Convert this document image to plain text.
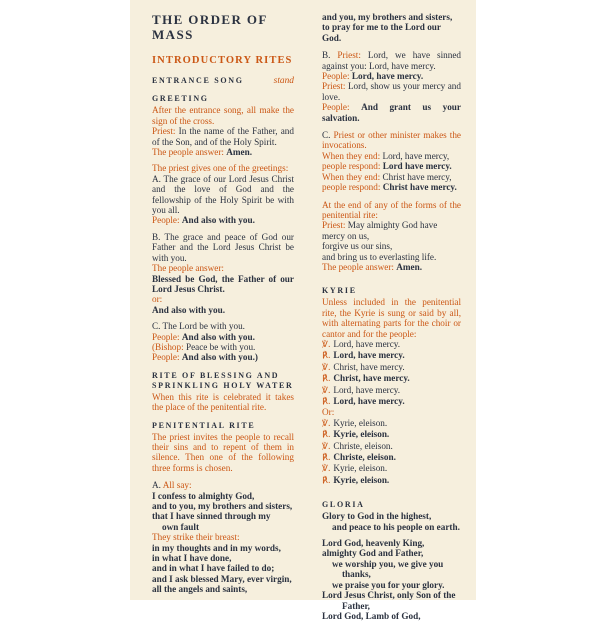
THE ORDER OF MASS
INTRODUCTORY RITES
ENTRANCE SONG	stand
GREETING
After the entrance song, all make the sign of the cross.
Priest: In the name of the Father, and of the Son, and of the Holy Spirit.
The people answer: Amen.
The priest gives one of the greetings:
A. The grace of our Lord Jesus Christ and the love of God and the fellowship of the Holy Spirit be with you all.
People: And also with you.
B. The grace and peace of God our Father and the Lord Jesus Christ be with you.
The people answer:
Blessed be God, the Father of our Lord Jesus Christ.
or:
And also with you.
C. The Lord be with you.
People: And also with you.
(Bishop: Peace be with you.
People: And also with you.)
RITE OF BLESSING AND SPRINKLING HOLY WATER
When this rite is celebrated it takes the place of the penitential rite.
PENITENTIAL RITE
The priest invites the people to recall their sins and to repent of them in silence. Then one of the following three forms is chosen.
A. All say:
I confess to almighty God,
and to you, my brothers and sisters,
that I have sinned through my
own fault
They strike their breast:
in my thoughts and in my words,
in what I have done,
and in what I have failed to do;
and I ask blessed Mary, ever virgin,
all the angels and saints,
and you, my brothers and sisters,
to pray for me to the Lord our God.
B. Priest: Lord, we have sinned against you: Lord, have mercy.
People: Lord, have mercy.
Priest: Lord, show us your mercy and love.
People: And grant us your salvation.
C. Priest or other minister makes the invocations.
When they end: Lord, have mercy,
people respond: Lord have mercy.
When they end: Christ have mercy,
people respond: Christ have mercy.
At the end of any of the forms of the penitential rite:
Priest: May almighty God have
mercy on us,
forgive us our sins,
and bring us to everlasting life.
The people answer: Amen.
KYRIE
Unless included in the penitential rite, the Kyrie is sung or said by all, with alternating parts for the choir or cantor and for the people:
℣. Lord, have mercy.
℟. Lord, have mercy.
℣. Christ, have mercy.
℟. Christ, have mercy.
℣. Lord, have mercy.
℟. Lord, have mercy.
Or:
℣. Kyrie, eleison.
℟. Kyrie, eleison.
℣. Christe, eleison.
℟. Christe, eleison.
℣. Kyrie, eleison.
℟. Kyrie, eleison.
GLORIA
Glory to God in the highest,
and peace to his people on earth.
Lord God, heavenly King,
almighty God and Father,
we worship you, we give you
thanks,
we praise you for your glory.
Lord Jesus Christ, only Son of the
Father,
Lord God, Lamb of God,
